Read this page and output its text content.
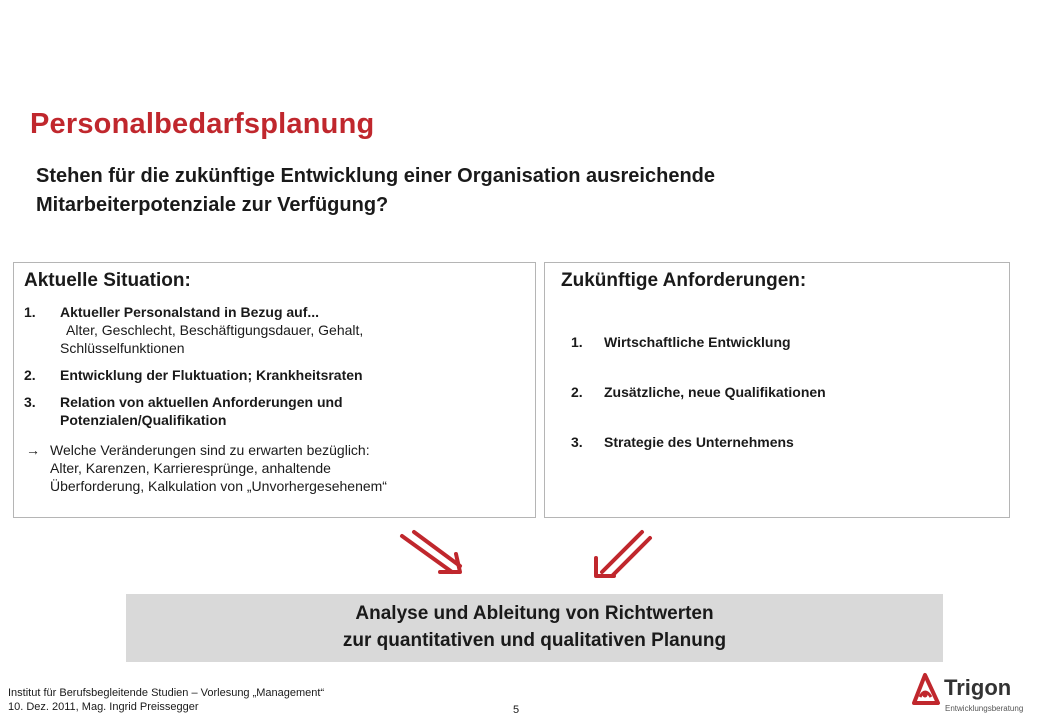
Personalbedarfsplanung
Stehen für die zukünftige Entwicklung einer Organisation ausreichende
Mitarbeiterpotenziale zur Verfügung?
Aktuelle Situation:
1.	Aktueller Personalstand in Bezug auf...
Alter, Geschlecht, Beschäftigungsdauer, Gehalt,
Schlüsselfunktionen
2.	Entwicklung der Fluktuation; Krankheitsraten
3.	Relation von aktuellen Anforderungen und
Potenzialen/Qualifikation
→ Welche Veränderungen sind zu erwarten bezüglich:
Alter, Karenzen, Karrieresprünge, anhaltende
Überforderung, Kalkulation von „Unvorhergesehenem“
Zukünftige Anforderungen:
1.	Wirtschaftliche Entwicklung
2.	Zusätzliche, neue Qualifikationen
3.	Strategie des Unternehmens
Analyse und Ableitung von Richtwerten
zur quantitativen und qualitativen Planung
Institut für Berufsbegleitende Studien – Vorlesung „Management“
10. Dez. 2011, Mag. Ingrid Preissegger	5
Trigon
Entwicklungsberatung
